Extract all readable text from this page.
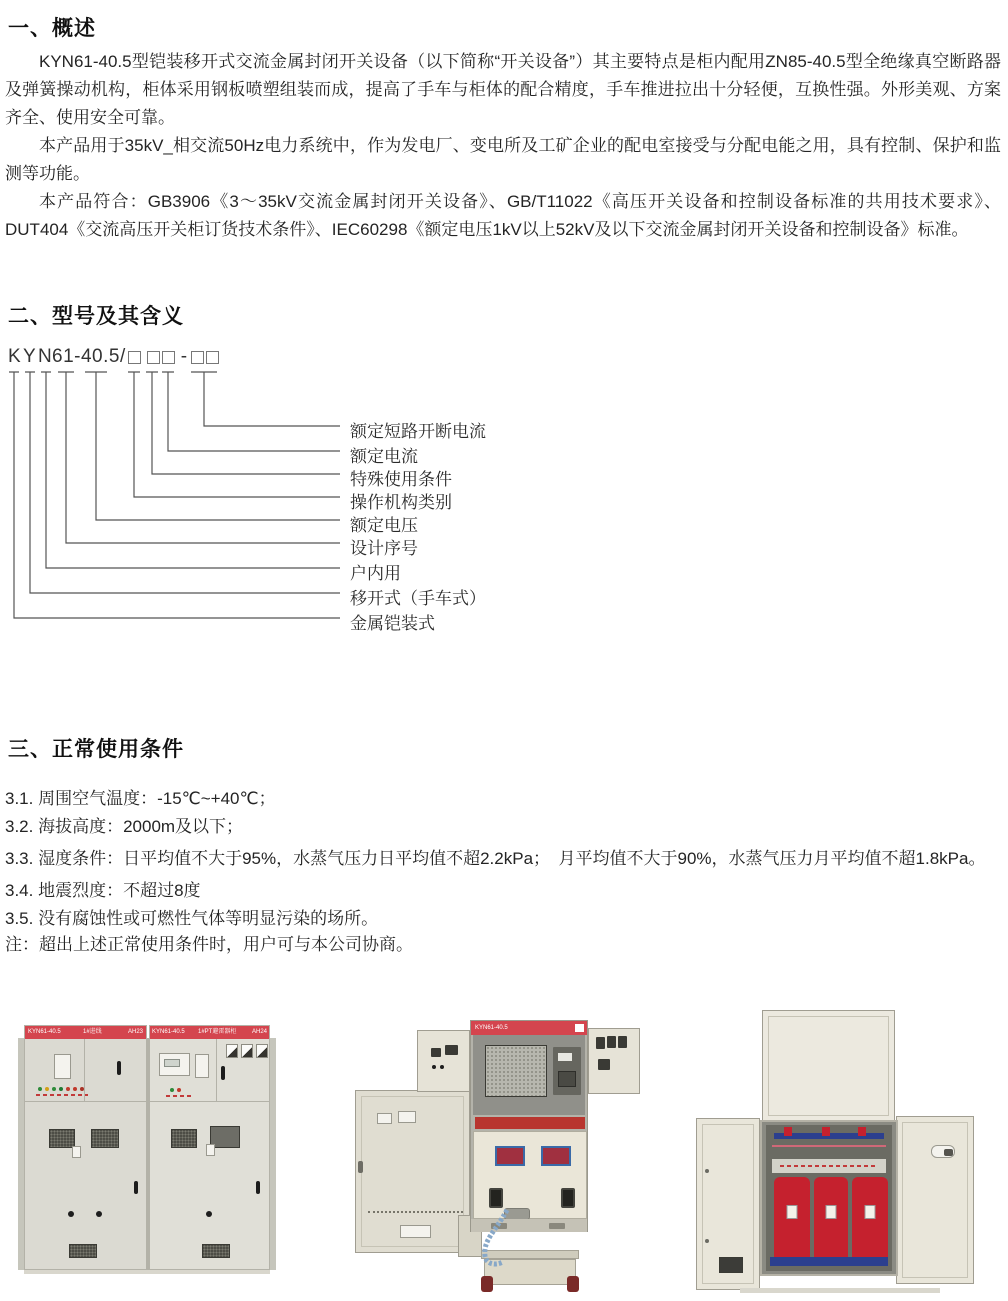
一、概述

KYN61-40.5型铠装移开式交流金属封闭开关设备（以下简称“开关设备”）其主要特点是柜内配用ZN85-40.5型全绝缘真空断路器及弹簧操动机构，柜体采用钢板喷塑组装而成，提高了手车与柜体的配合精度，手车推进拉出十分轻便，互换性强。外形美观、方案齐全、使用安全可靠。

本产品用于35kV_相交流50Hz电力系统中，作为发电厂、变电所及工矿企业的配电室接受与分配电能之用，具有控制、保护和监测等功能。

本产品符合：GB3906《3～35kV交流金属封闭开关设备》、GB/T11022《高压开关设备和控制设备标准的共用技术要求》、DUT404《交流高压开关柜订货技术条件》、IEC60298《额定电压1kV以上52kV及以下交流金属封闭开关设备和控制设备》标准。

二、型号及其含义
K Y N 61-40.5/	-
额定短路开断电流
额定电流
特殊使用条件
操作机构类别
额定电压
设计序号
户内用
移开式（手车式）
金属铠装式
三、正常使用条件
3.1. 周围空气温度：-15℃~+40℃；
3.2. 海拔高度：2000m及以下；
3.3. 湿度条件：日平均值不大于95%，水蒸气压力日平均值不超2.2kPa；　月平均值不大于90%，水蒸气压力月平均值不超1.8kPa。
3.4. 地震烈度：不超过8度
3.5. 没有腐蚀性或可燃性气体等明显污染的场所。
注：超出上述正常使用条件时，用户可与本公司协商。
KYN61-40.5	1#进线	AH23 KYN61-40.5 1#PT避雷器柜	AH24
KYN61-40.5
